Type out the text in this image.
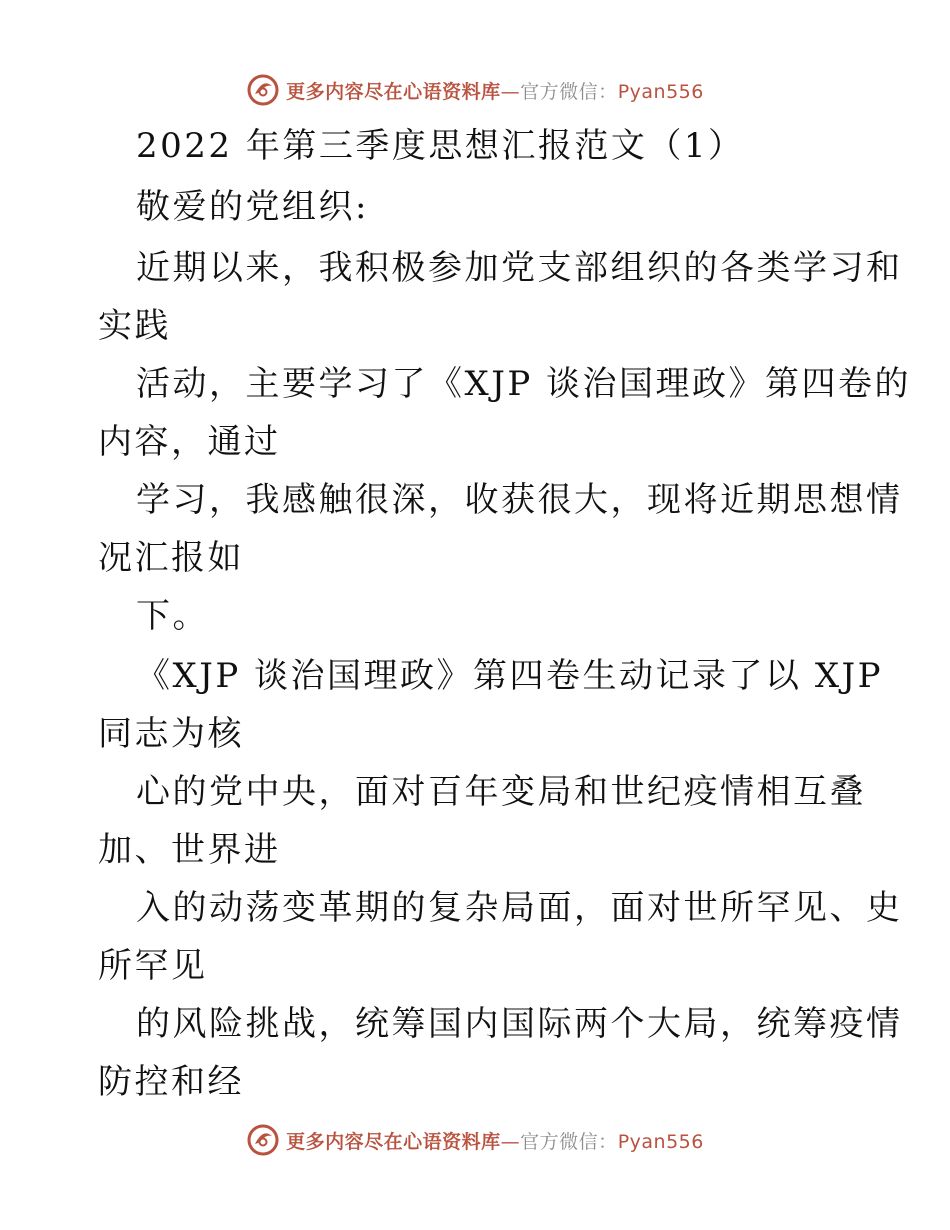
更多内容尽在心语资料库—官方微信：Pyan556
2022 年第三季度思想汇报范文（1）
敬爱的党组织:
近期以来，我积极参加党支部组织的各类学习和
实践
活动，主要学习了《XJP 谈治国理政》第四卷的
内容，通过
学习，我感触很深，收获很大，现将近期思想情
况汇报如
下。
《XJP 谈治国理政》第四卷生动记录了以 XJP
同志为核
心的党中央，面对百年变局和世纪疫情相互叠
加、世界进
入的动荡变革期的复杂局面，面对世所罕见、史
所罕见
的风险挑战，统筹国内国际两个大局，统筹疫情
防控和经
更多内容尽在心语资料库—官方微信：Pyan556
